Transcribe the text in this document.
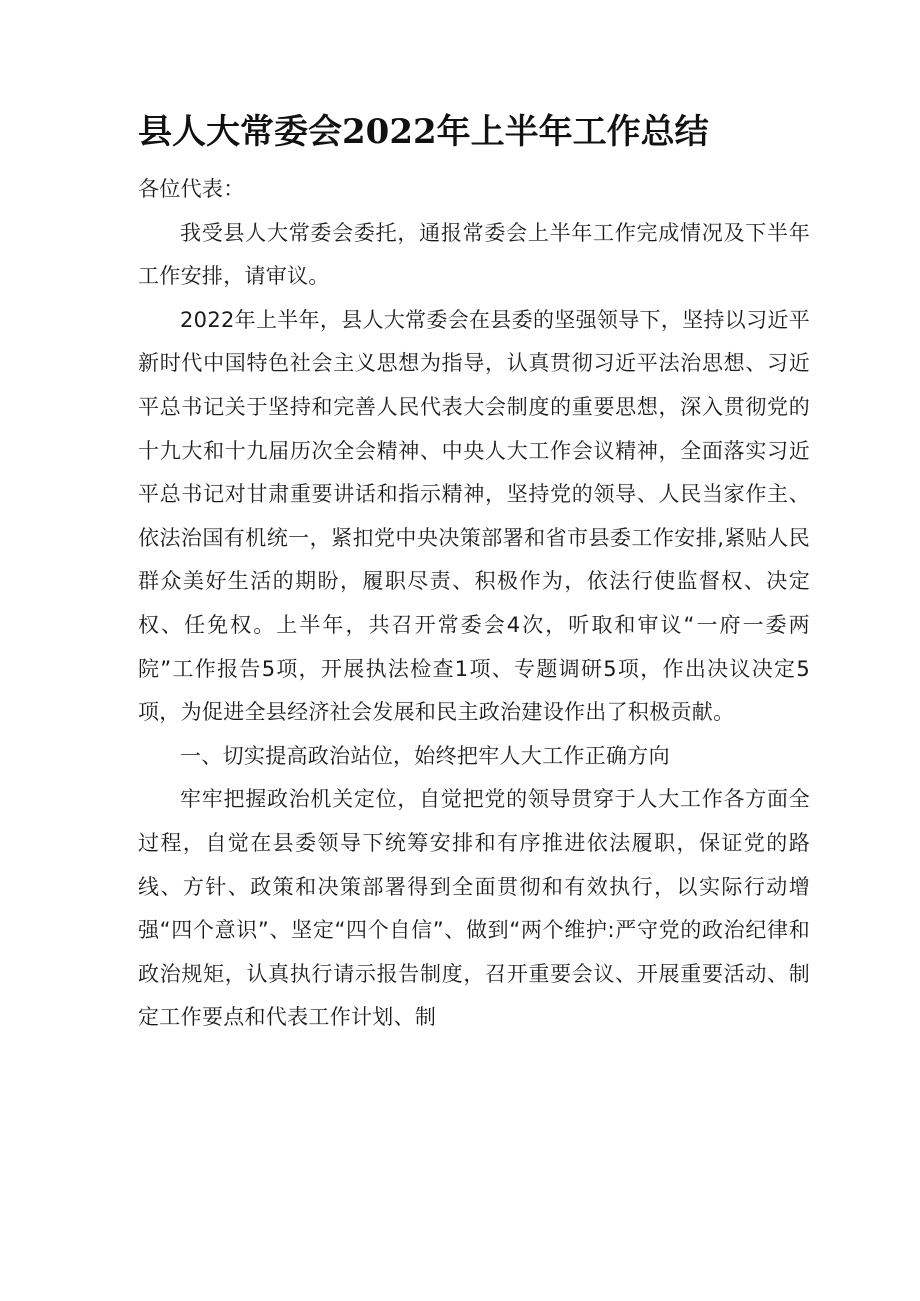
县人大常委会2022年上半年工作总结

各位代表：

我受县人大常委会委托，通报常委会上半年工作完成情况及下半年工作安排，请审议。

2022年上半年，县人大常委会在县委的坚强领导下，坚持以习近平新时代中国特色社会主义思想为指导，认真贯彻习近平法治思想、习近平总书记关于坚持和完善人民代表大会制度的重要思想，深入贯彻党的十九大和十九届历次全会精神、中央人大工作会议精神，全面落实习近平总书记对甘肃重要讲话和指示精神，坚持党的领导、人民当家作主、依法治国有机统一，紧扣党中央决策部署和省市县委工作安排,紧贴人民群众美好生活的期盼，履职尽责、积极作为，依法行使监督权、决定权、任免权。上半年，共召开常委会4次，听取和审议“一府一委两院”工作报告5项，开展执法检查1项、专题调研5项，作出决议决定5项，为促进全县经济社会发展和民主政治建设作出了积极贡献。

一、切实提高政治站位，始终把牢人大工作正确方向

牢牢把握政治机关定位，自觉把党的领导贯穿于人大工作各方面全过程，自觉在县委领导下统筹安排和有序推进依法履职，保证党的路线、方针、政策和决策部署得到全面贯彻和有效执行，以实际行动增强“四个意识”、坚定“四个自信”、做到“两个维护:严守党的政治纪律和政治规矩，认真执行请示报告制度，召开重要会议、开展重要活动、制定工作要点和代表工作计划、制
